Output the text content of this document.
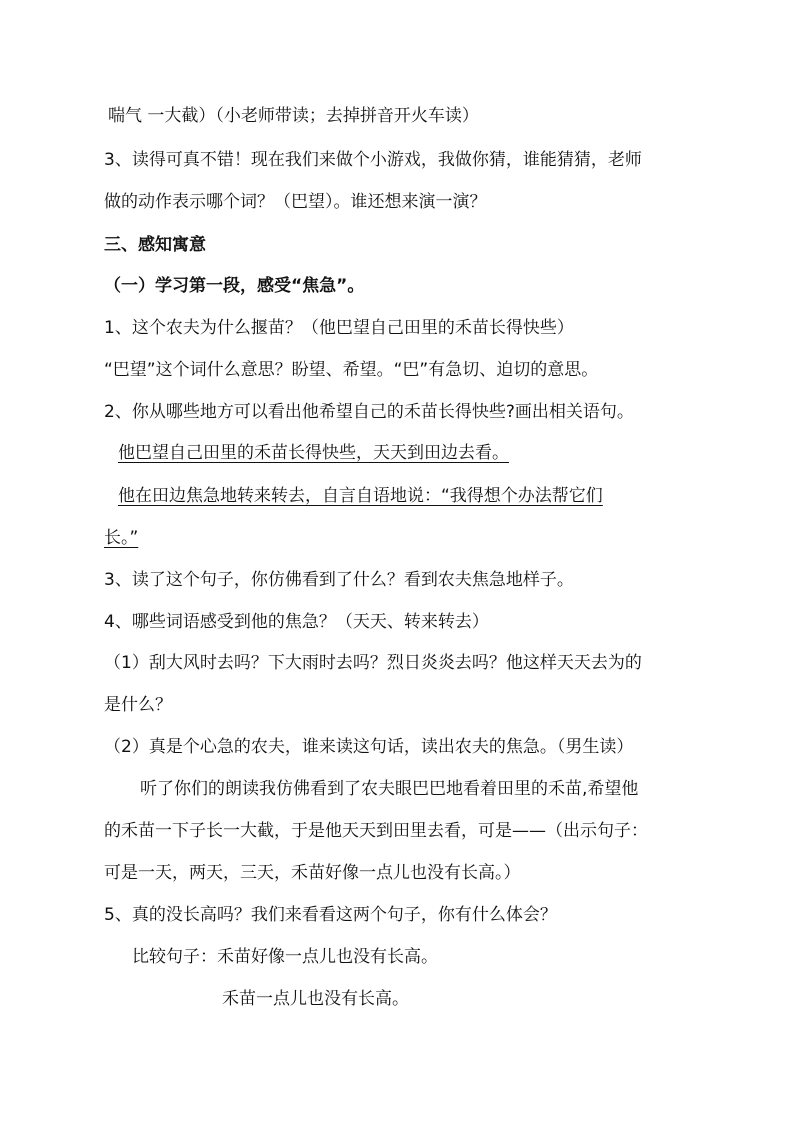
喘气 一大截）（小老师带读；去掉拼音开火车读）
3、读得可真不错！现在我们来做个小游戏，我做你猜，谁能猜猜，老师
做的动作表示哪个词？（巴望）。谁还想来演一演？
三、感知寓意
（一）学习第一段，感受“焦急”。
1、这个农夫为什么揠苗？（他巴望自己田里的禾苗长得快些）
“巴望”这个词什么意思？盼望、希望。“巴”有急切、迫切的意思。
2、你从哪些地方可以看出他希望自己的禾苗长得快些?画出相关语句。
他巴望自己田里的禾苗长得快些，天天到田边去看。
他在田边焦急地转来转去，自言自语地说：“我得想个办法帮它们
长。”
3、读了这个句子，你仿佛看到了什么？看到农夫焦急地样子。
4、哪些词语感受到他的焦急？（天天、转来转去）
（1）刮大风时去吗？下大雨时去吗？烈日炎炎去吗？他这样天天去为的
是什么？
（2）真是个心急的农夫，谁来读这句话，读出农夫的焦急。（男生读）
听了你们的朗读我仿佛看到了农夫眼巴巴地看着田里的禾苗,希望他
的禾苗一下子长一大截，于是他天天到田里去看，可是——（出示句子：
可是一天，两天，三天，禾苗好像一点儿也没有长高。）
5、真的没长高吗？我们来看看这两个句子，你有什么体会？
比较句子：禾苗好像一点儿也没有长高。
禾苗一点儿也没有长高。
